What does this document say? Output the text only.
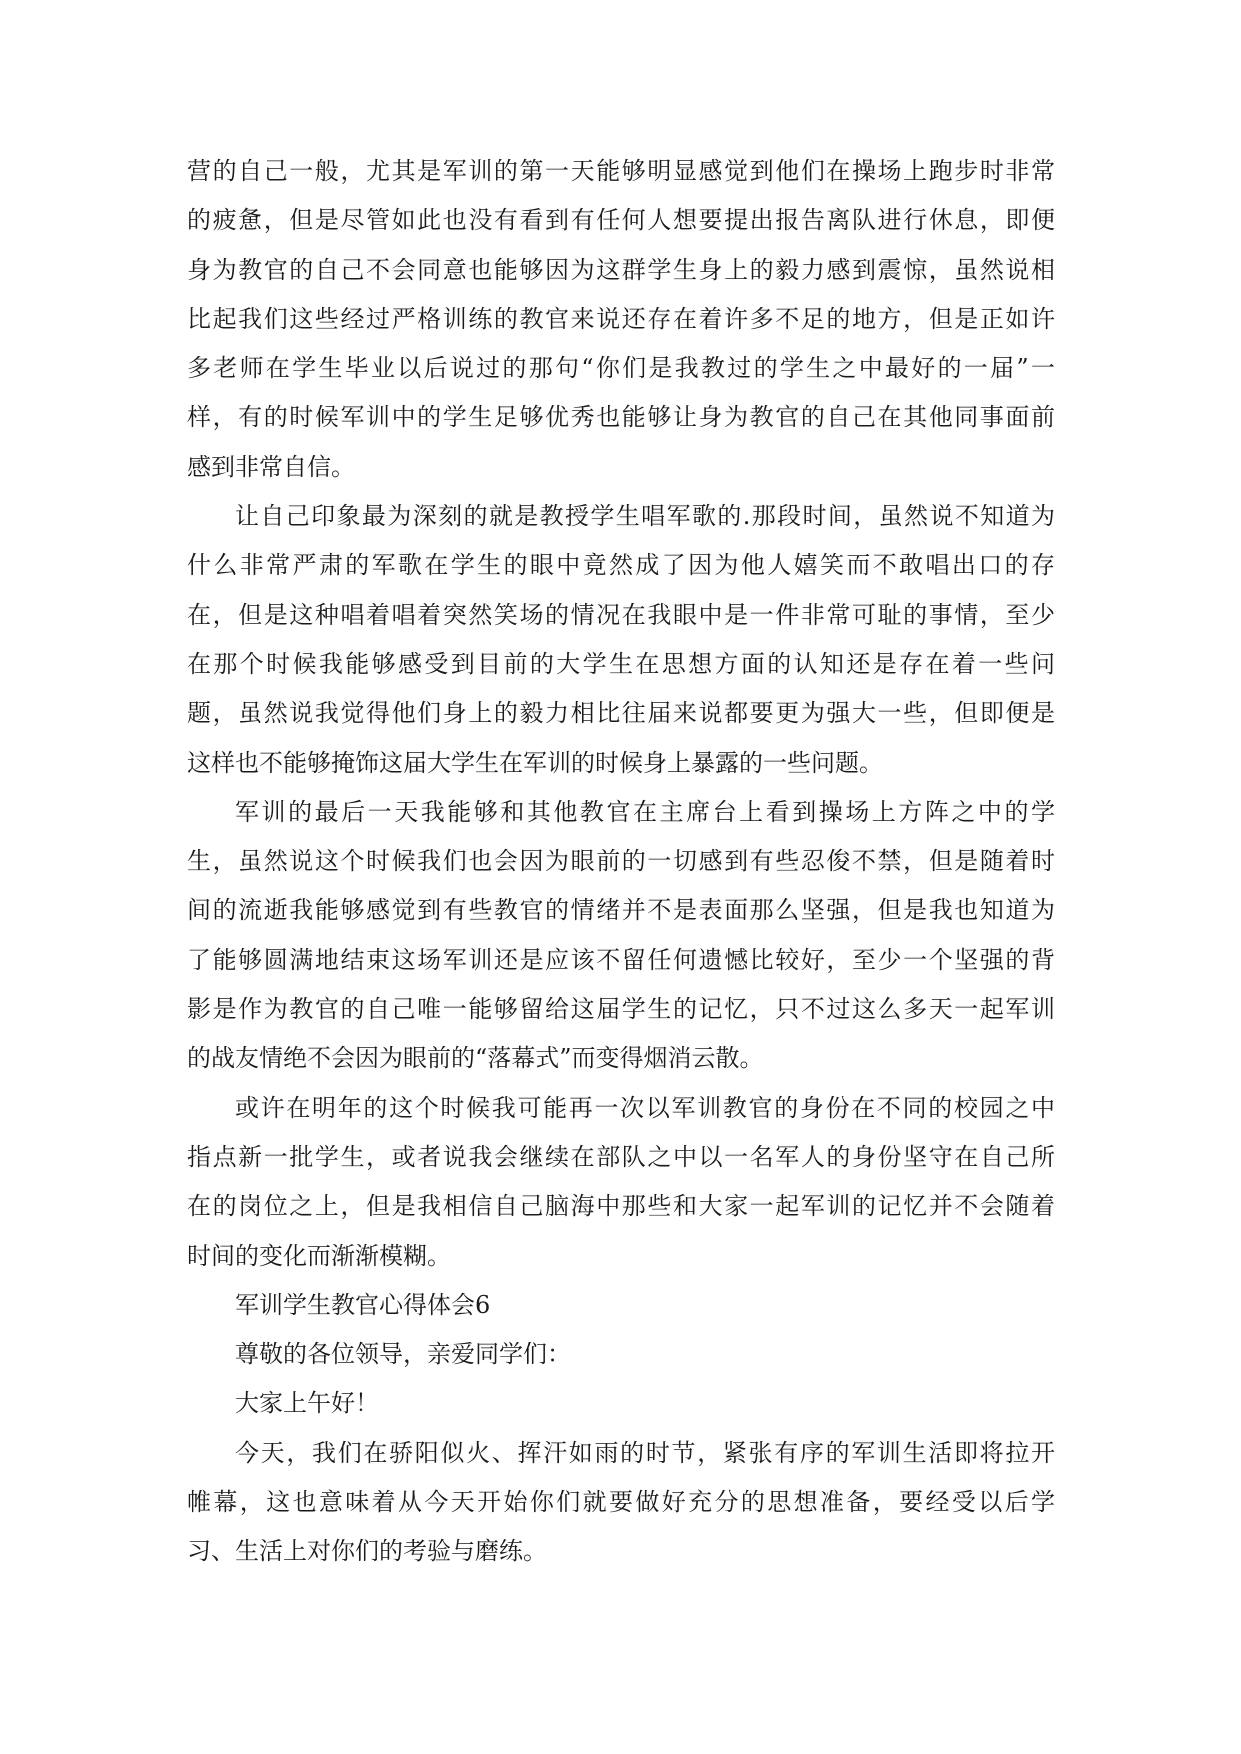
营的自己一般，尤其是军训的第一天能够明显感觉到他们在操场上跑步时非常
的疲惫，但是尽管如此也没有看到有任何人想要提出报告离队进行休息，即便
身为教官的自己不会同意也能够因为这群学生身上的毅力感到震惊，虽然说相
比起我们这些经过严格训练的教官来说还存在着许多不足的地方，但是正如许
多老师在学生毕业以后说过的那句“你们是我教过的学生之中最好的一届”一
样，有的时候军训中的学生足够优秀也能够让身为教官的自己在其他同事面前
感到非常自信。
让自己印象最为深刻的就是教授学生唱军歌的.那段时间，虽然说不知道为
什么非常严肃的军歌在学生的眼中竟然成了因为他人嬉笑而不敢唱出口的存
在，但是这种唱着唱着突然笑场的情况在我眼中是一件非常可耻的事情，至少
在那个时候我能够感受到目前的大学生在思想方面的认知还是存在着一些问
题，虽然说我觉得他们身上的毅力相比往届来说都要更为强大一些，但即便是
这样也不能够掩饰这届大学生在军训的时候身上暴露的一些问题。
军训的最后一天我能够和其他教官在主席台上看到操场上方阵之中的学
生，虽然说这个时候我们也会因为眼前的一切感到有些忍俊不禁，但是随着时
间的流逝我能够感觉到有些教官的情绪并不是表面那么坚强，但是我也知道为
了能够圆满地结束这场军训还是应该不留任何遗憾比较好，至少一个坚强的背
影是作为教官的自己唯一能够留给这届学生的记忆，只不过这么多天一起军训
的战友情绝不会因为眼前的“落幕式”而变得烟消云散。
或许在明年的这个时候我可能再一次以军训教官的身份在不同的校园之中
指点新一批学生，或者说我会继续在部队之中以一名军人的身份坚守在自己所
在的岗位之上，但是我相信自己脑海中那些和大家一起军训的记忆并不会随着
时间的变化而渐渐模糊。
军训学生教官心得体会6
尊敬的各位领导，亲爱同学们：
大家上午好！
今天，我们在骄阳似火、挥汗如雨的时节，紧张有序的军训生活即将拉开
帷幕，这也意味着从今天开始你们就要做好充分的思想准备，要经受以后学
习、生活上对你们的考验与磨练。
